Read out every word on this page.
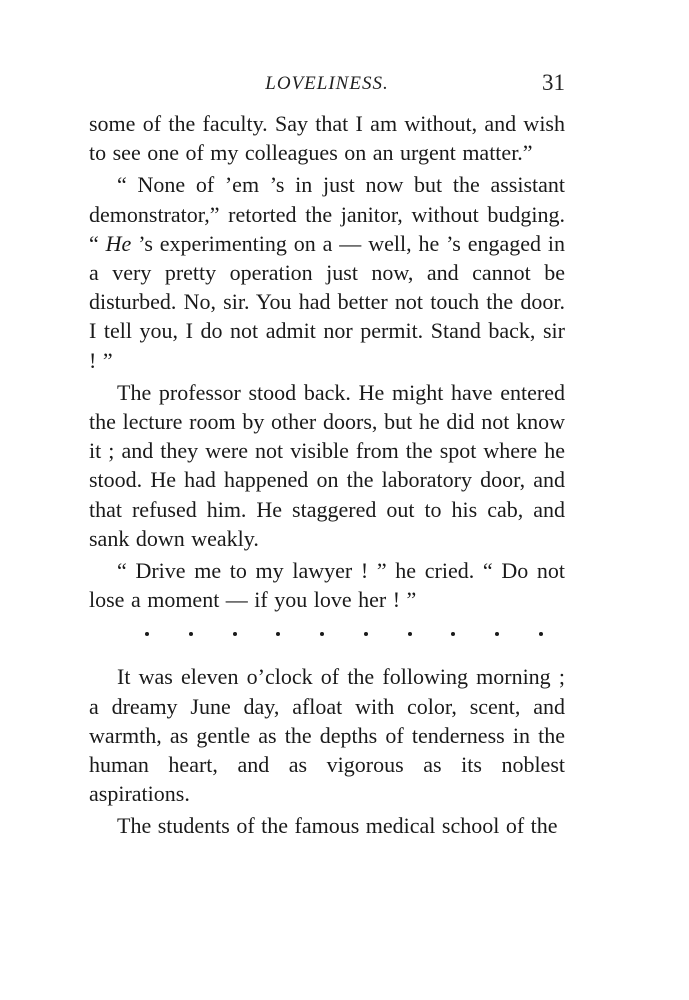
LOVELINESS.	31

some of the faculty. Say that I am without, and wish to see one of my colleagues on an urgent matter.”

“ None of ’em ’s in just now but the assistant demonstrator,” retorted the janitor, without budging. “ He ’s experimenting on a — well, he ’s engaged in a very pretty operation just now, and cannot be disturbed. No, sir. You had better not touch the door. I tell you, I do not admit nor permit. Stand back, sir ! ”

The professor stood back. He might have entered the lecture room by other doors, but he did not know it ; and they were not visible from the spot where he stood. He had happened on the laboratory door, and that refused him. He staggered out to his cab, and sank down weakly.

“ Drive me to my lawyer ! ” he cried. “ Do not lose a moment — if you love her ! ”

It was eleven o’clock of the following morning ; a dreamy June day, afloat with color, scent, and warmth, as gentle as the depths of tenderness in the human heart, and as vigorous as its noblest aspirations.

The students of the famous medical school of the
